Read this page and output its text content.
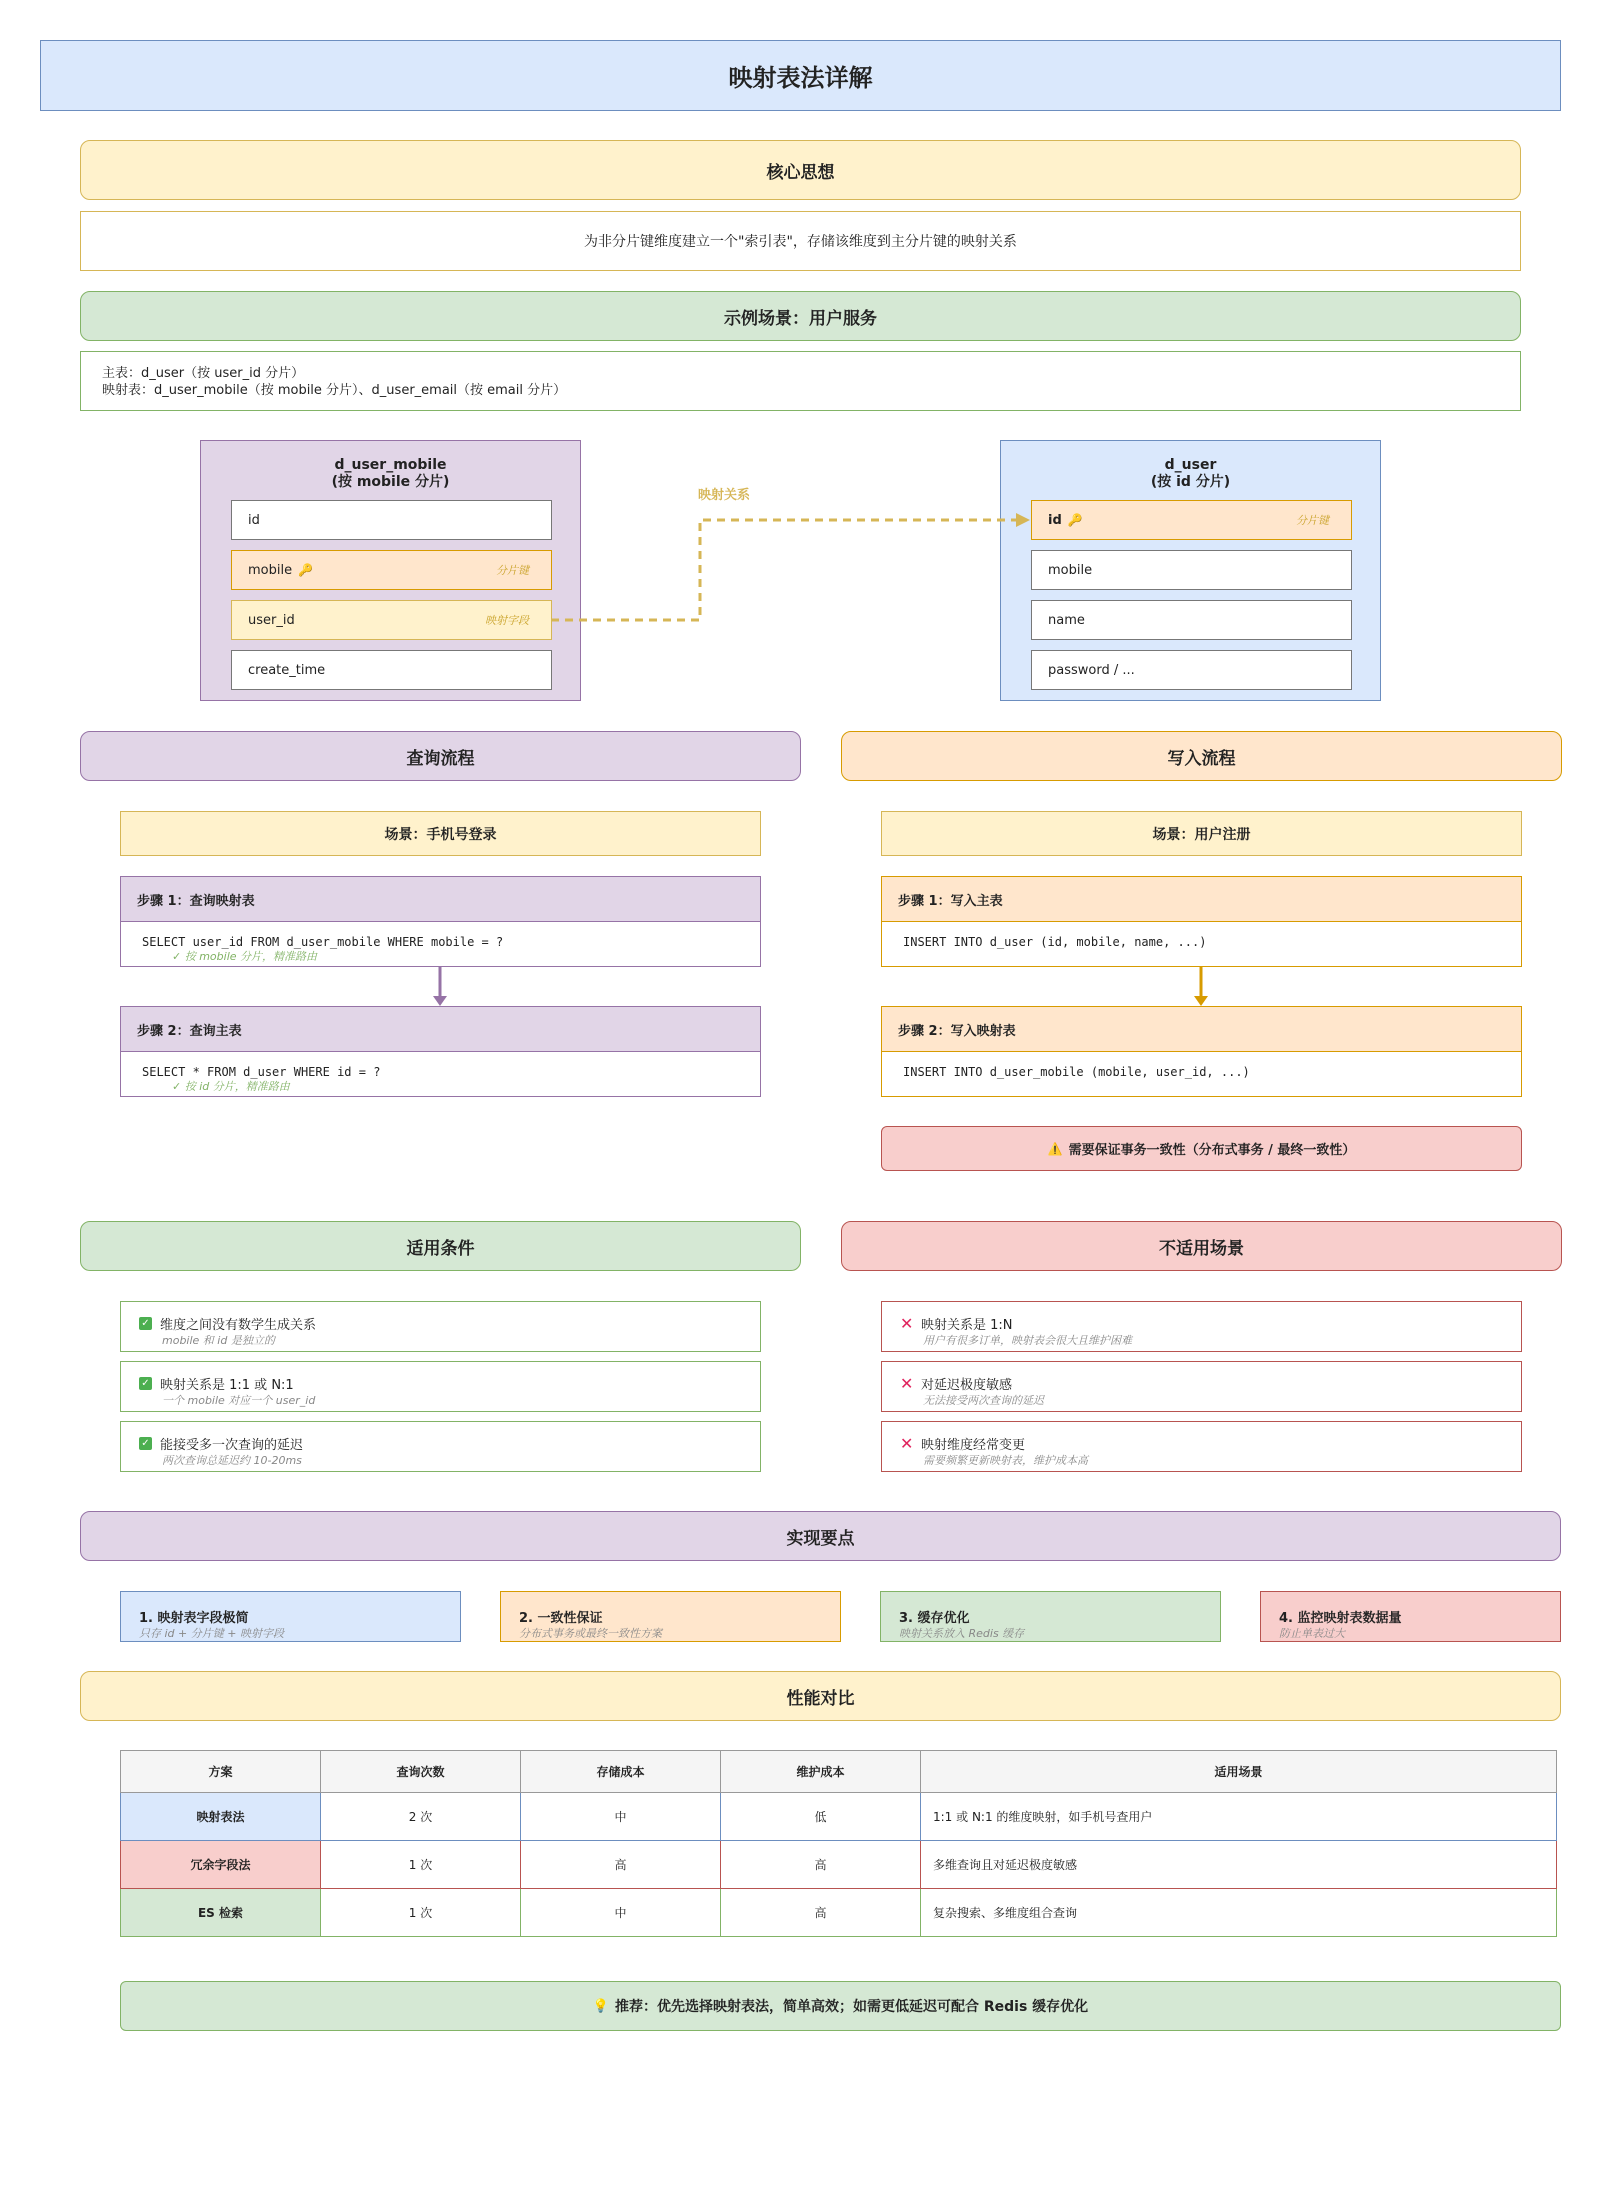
映射表法详解
核心思想
为非分片键维度建立一个"索引表"，存储该维度到主分片键的映射关系
示例场景：用户服务
主表：d_user（按 user_id 分片）
映射表：d_user_mobile（按 mobile 分片）、d_user_email（按 email 分片）
d_user_mobile
(按 mobile 分片)
id
mobile 🔑	分片键
user_id	映射字段
create_time
d_user
(按 id 分片)
id 🔑	分片键
mobile
name
password / ...
映射关系
查询流程
场景：手机号登录
步骤 1：查询映射表
SELECT user_id FROM d_user_mobile WHERE mobile = ?
✓ 按 mobile 分片，精准路由
步骤 2：查询主表
SELECT * FROM d_user WHERE id = ?
✓ 按 id 分片，精准路由
写入流程
场景：用户注册
步骤 1：写入主表
INSERT INTO d_user (id, mobile, name, ...)
步骤 2：写入映射表
INSERT INTO d_user_mobile (mobile, user_id, ...)
⚠️ 需要保证事务一致性（分布式事务 / 最终一致性）
适用条件
✓ 维度之间没有数学生成关系
mobile 和 id 是独立的
✓ 映射关系是 1:1 或 N:1
一个 mobile 对应一个 user_id
✓ 能接受多一次查询的延迟
两次查询总延迟约 10-20ms
不适用场景
✕ 映射关系是 1:N
用户有很多订单，映射表会很大且维护困难
✕ 对延迟极度敏感
无法接受两次查询的延迟
✕ 映射维度经常变更
需要频繁更新映射表，维护成本高
实现要点
1. 映射表字段极简
只存 id + 分片键 + 映射字段
2. 一致性保证
分布式事务或最终一致性方案
3. 缓存优化
映射关系放入 Redis 缓存
4. 监控映射表数据量
防止单表过大
性能对比
方案	查询次数	存储成本	维护成本	适用场景
映射表法	2 次	中	低	1:1 或 N:1 的维度映射，如手机号查用户
冗余字段法	1 次	高	高	多维查询且对延迟极度敏感
ES 检索	1 次	中	高	复杂搜索、多维度组合查询
💡 推荐：优先选择映射表法，简单高效；如需更低延迟可配合 Redis 缓存优化
